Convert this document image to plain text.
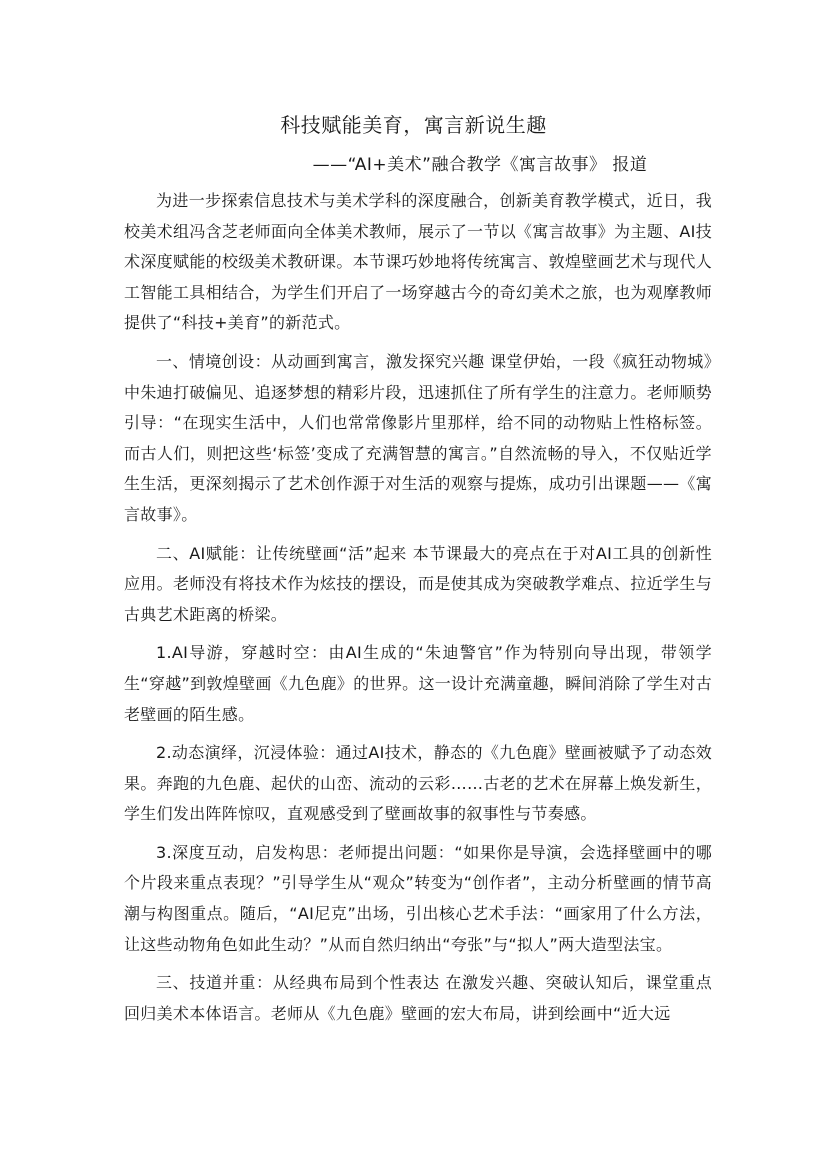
科技赋能美育，寓言新说生趣
——“AI+美术”融合教学《寓言故事》 报道

为进一步探索信息技术与美术学科的深度融合，创新美育教学模式，近日，我校美术组冯含芝老师面向全体美术教师，展示了一节以《寓言故事》为主题、AI技术深度赋能的校级美术教研课。本节课巧妙地将传统寓言、敦煌壁画艺术与现代人工智能工具相结合，为学生们开启了一场穿越古今的奇幻美术之旅，也为观摩教师提供了“科技+美育”的新范式。

一、情境创设：从动画到寓言，激发探究兴趣 课堂伊始，一段《疯狂动物城》中朱迪打破偏见、追逐梦想的精彩片段，迅速抓住了所有学生的注意力。老师顺势引导：“在现实生活中，人们也常常像影片里那样，给不同的动物贴上性格标签。而古人们，则把这些‘标签’变成了充满智慧的寓言。”自然流畅的导入，不仅贴近学生生活，更深刻揭示了艺术创作源于对生活的观察与提炼，成功引出课题——《寓言故事》。

二、AI赋能：让传统壁画“活”起来 本节课最大的亮点在于对AI工具的创新性应用。老师没有将技术作为炫技的摆设，而是使其成为突破教学难点、拉近学生与古典艺术距离的桥梁。

1.AI导游，穿越时空：由AI生成的“朱迪警官”作为特别向导出现，带领学生“穿越”到敦煌壁画《九色鹿》的世界。这一设计充满童趣，瞬间消除了学生对古老壁画的陌生感。

2.动态演绎，沉浸体验：通过AI技术，静态的《九色鹿》壁画被赋予了动态效果。奔跑的九色鹿、起伏的山峦、流动的云彩……古老的艺术在屏幕上焕发新生，学生们发出阵阵惊叹，直观感受到了壁画故事的叙事性与节奏感。

3.深度互动，启发构思：老师提出问题：“如果你是导演，会选择壁画中的哪个片段来重点表现？”引导学生从“观众”转变为“创作者”，主动分析壁画的情节高潮与构图重点。随后，“AI尼克”出场，引出核心艺术手法：“画家用了什么方法，让这些动物角色如此生动？”从而自然归纳出“夸张”与“拟人”两大造型法宝。

三、技道并重：从经典布局到个性表达 在激发兴趣、突破认知后，课堂重点回归美术本体语言。老师从《九色鹿》壁画的宏大布局，讲到绘画中“近大远
